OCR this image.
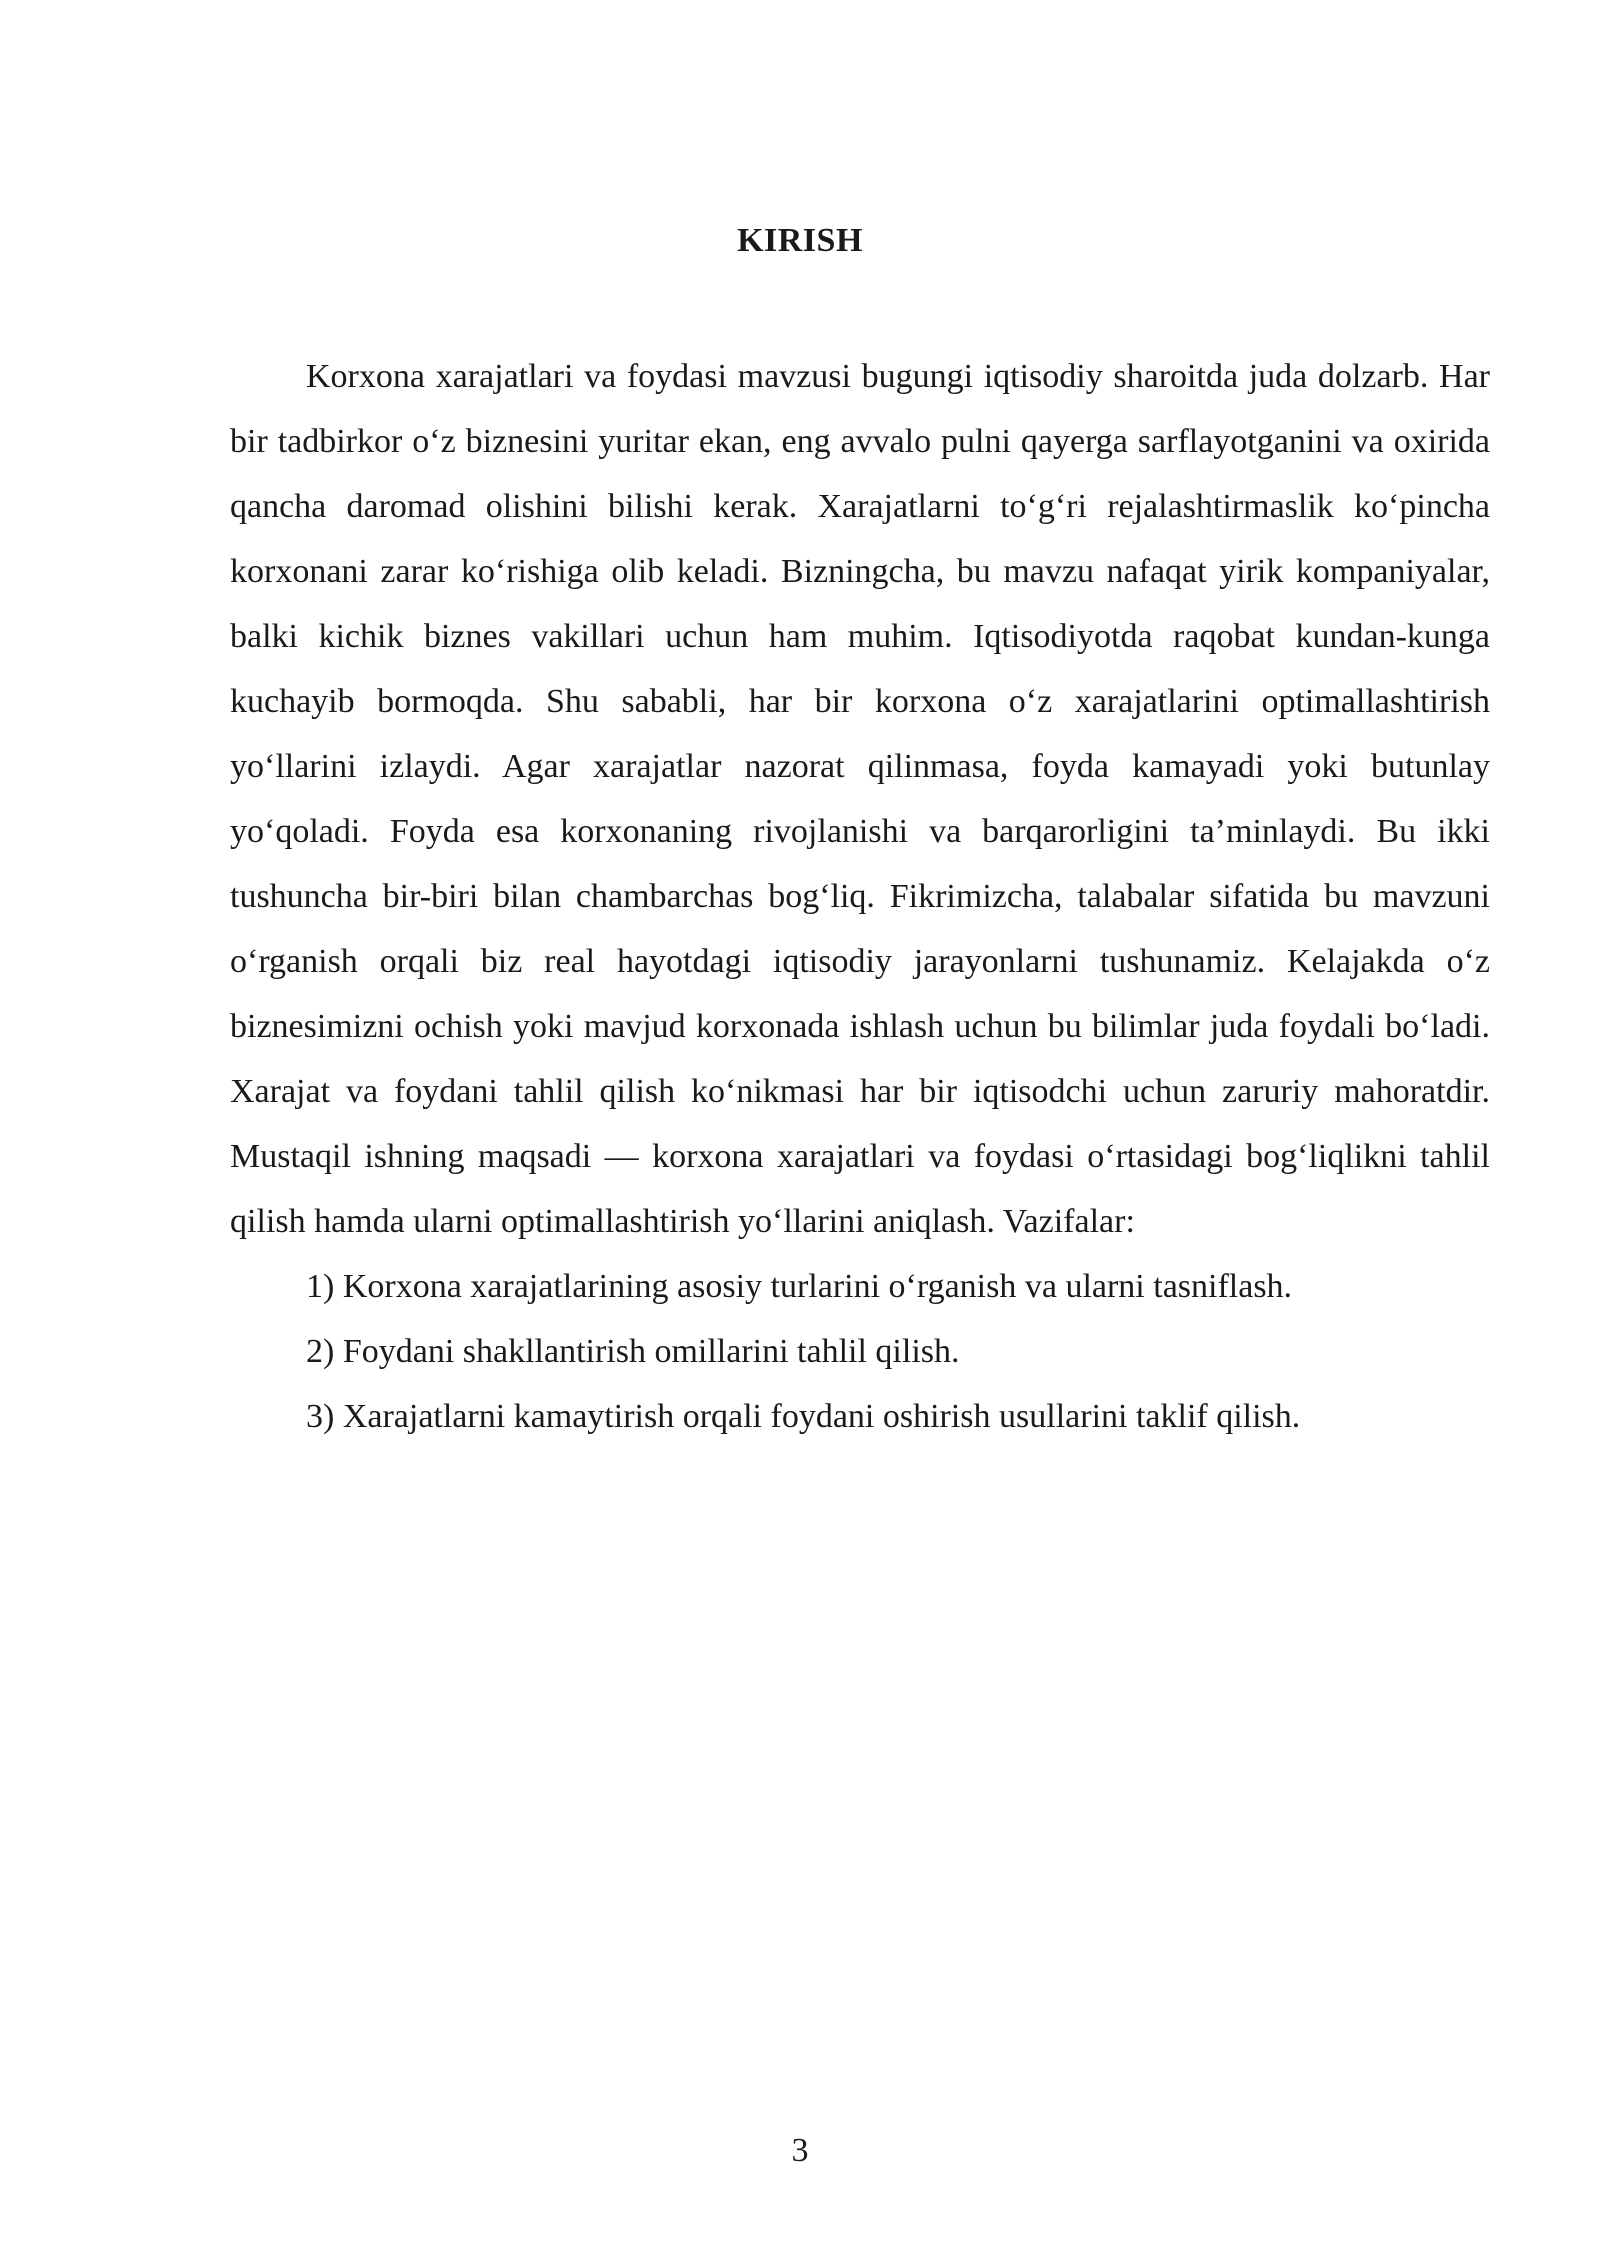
KIRISH

Korxona xarajatlari va foydasi mavzusi bugungi iqtisodiy sharoitda juda dolzarb. Har bir tadbirkor o‘z biznesini yuritar ekan, eng avvalo pulni qayerga sarflayotganini va oxirida qancha daromad olishini bilishi kerak. Xarajatlarni to‘g‘ri rejalashtirmaslik ko‘pincha korxonani zarar ko‘rishiga olib keladi. Bizningcha, bu mavzu nafaqat yirik kompaniyalar, balki kichik biznes vakillari uchun ham muhim. Iqtisodiyotda raqobat kundan-kunga kuchayib bormoqda. Shu sababli, har bir korxona o‘z xarajatlarini optimallashtirish yo‘llarini izlaydi. Agar xarajatlar nazorat qilinmasa, foyda kamayadi yoki butunlay yo‘qoladi. Foyda esa korxonaning rivojlanishi va barqarorligini ta’minlaydi. Bu ikki tushuncha bir-biri bilan chambarchas bog‘liq. Fikrimizcha, talabalar sifatida bu mavzuni o‘rganish orqali biz real hayotdagi iqtisodiy jarayonlarni tushunamiz. Kelajakda o‘z biznesimizni ochish yoki mavjud korxonada ishlash uchun bu bilimlar juda foydali bo‘ladi. Xarajat va foydani tahlil qilish ko‘nikmasi har bir iqtisodchi uchun zaruriy mahoratdir. Mustaqil ishning maqsadi — korxona xarajatlari va foydasi o‘rtasidagi bog‘liqlikni tahlil qilish hamda ularni optimallashtirish yo‘llarini aniqlash. Vazifalar:

1) Korxona xarajatlarining asosiy turlarini o‘rganish va ularni tasniflash.

2) Foydani shakllantirish omillarini tahlil qilish.

3) Xarajatlarni kamaytirish orqali foydani oshirish usullarini taklif qilish.

3
